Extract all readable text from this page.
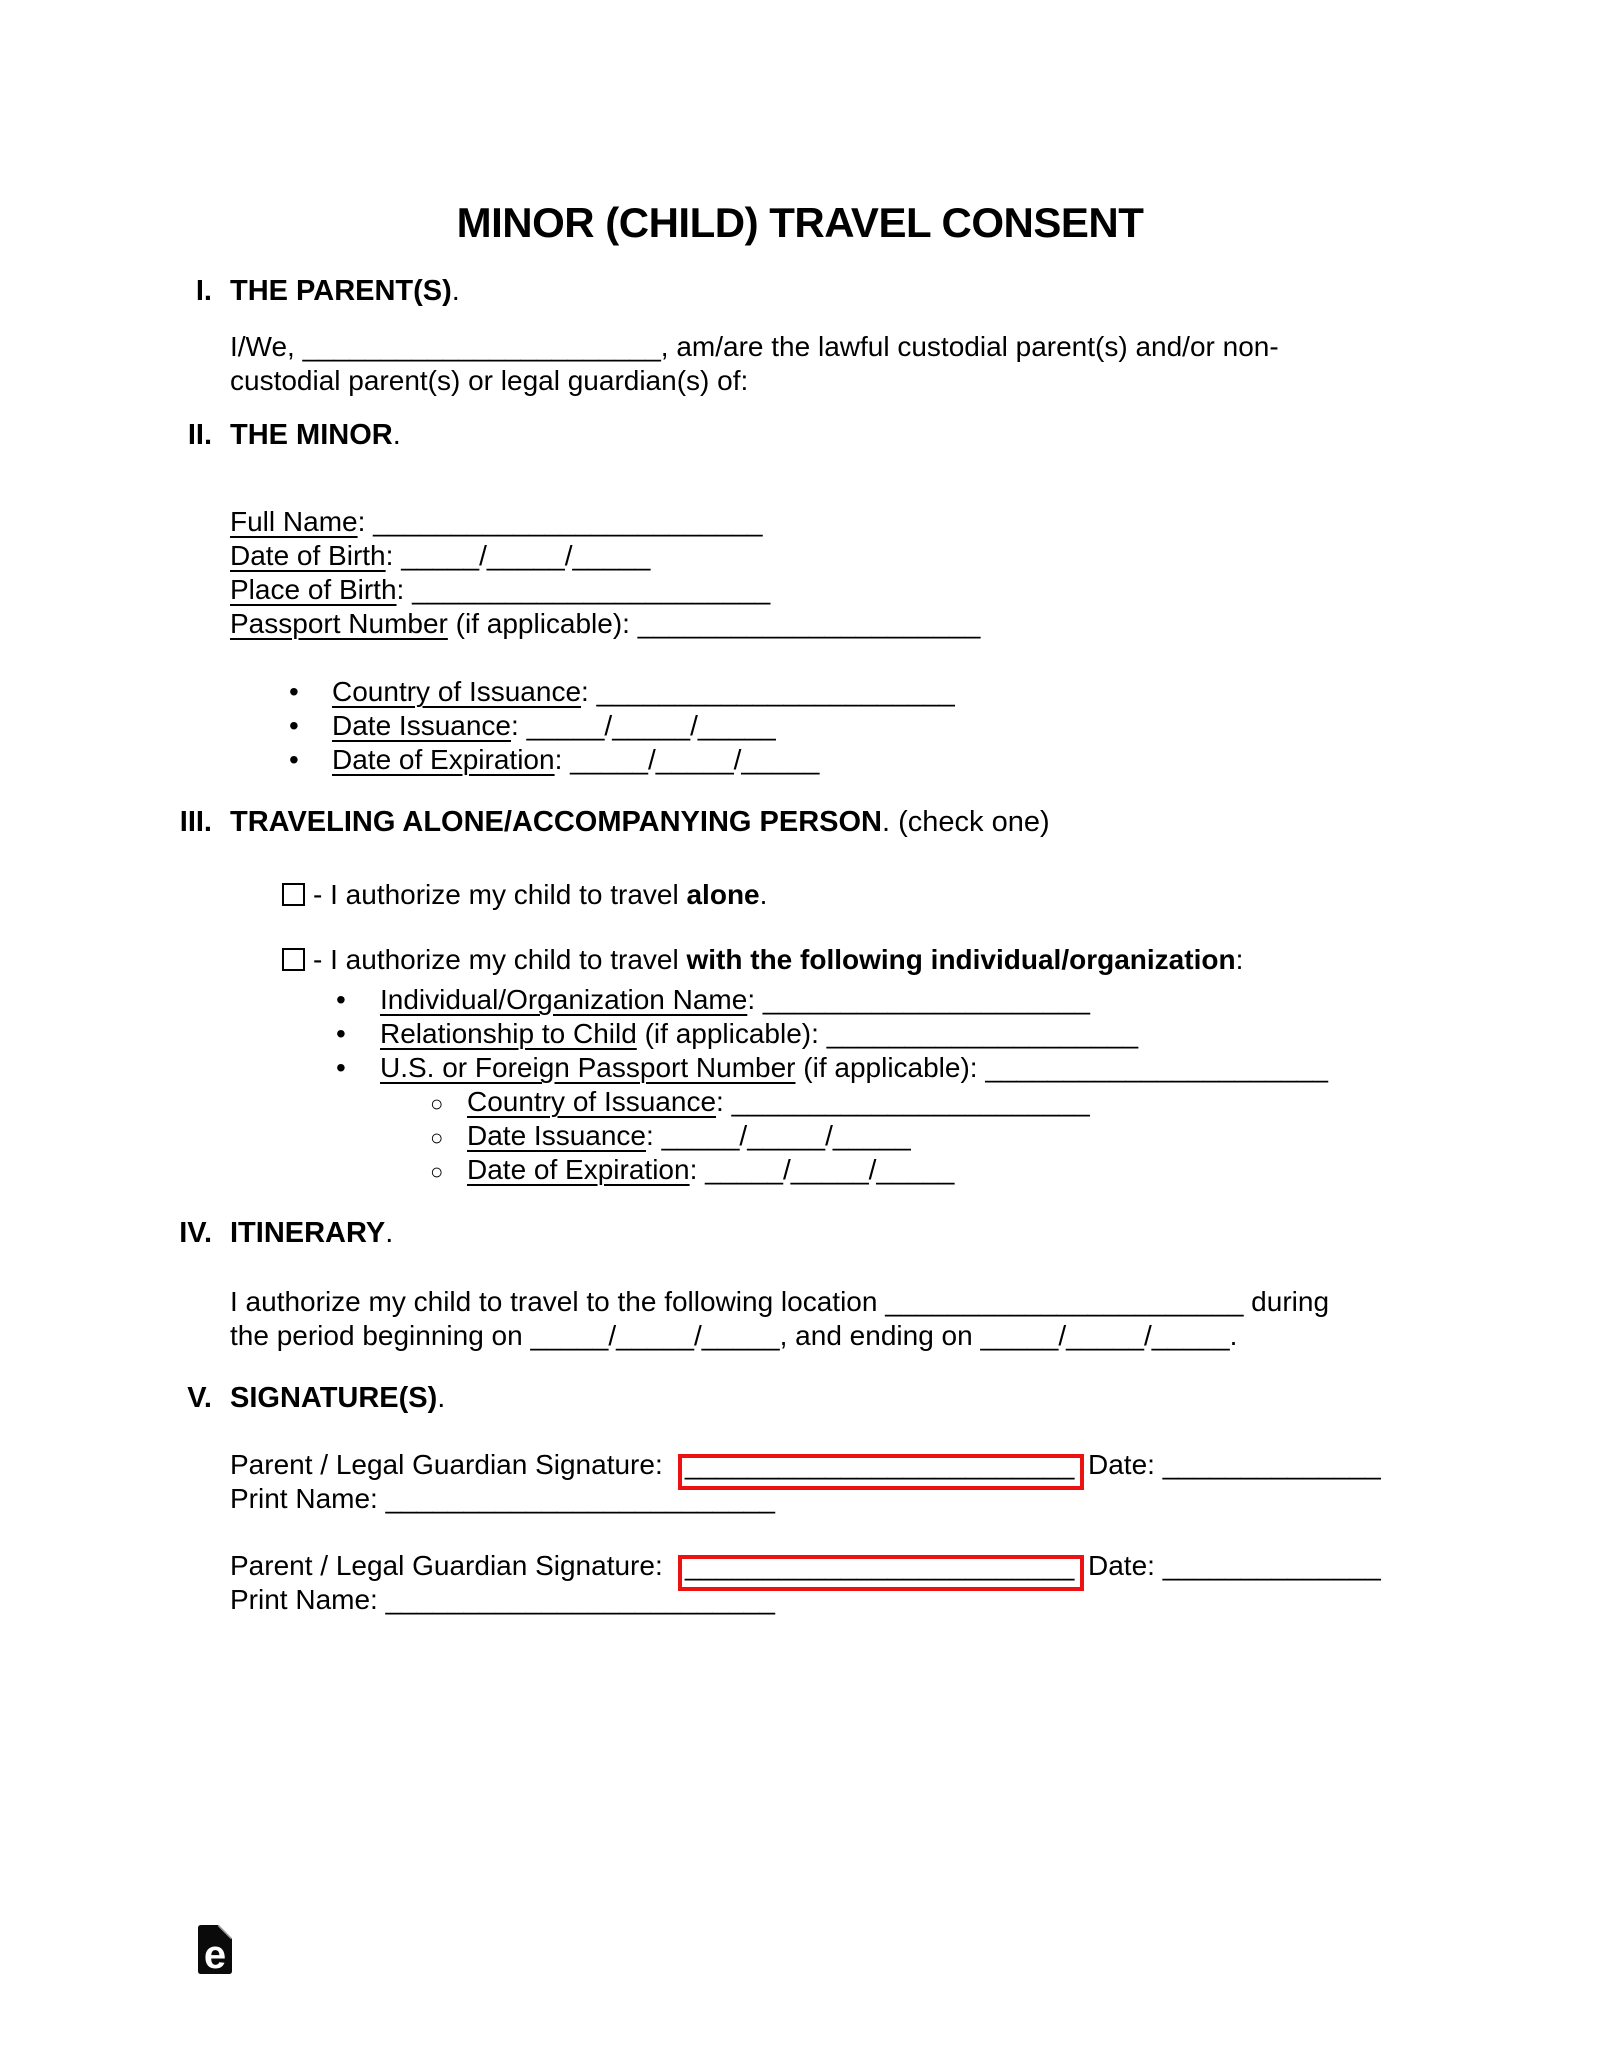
MINOR (CHILD) TRAVEL CONSENT
I. THE PARENT(S).
I/We, _______________________, am/are the lawful custodial parent(s) and/or non-
custodial parent(s) or legal guardian(s) of:
II. THE MINOR.
Full Name: _________________________
Date of Birth: _____/_____/_____
Place of Birth: _______________________
Passport Number (if applicable): ______________________
• Country of Issuance: _______________________
• Date Issuance: _____/_____/_____
• Date of Expiration: _____/_____/_____
III. TRAVELING ALONE/ACCOMPANYING PERSON. (check one)
- I authorize my child to travel alone.
- I authorize my child to travel with the following individual/organization:
• Individual/Organization Name: _____________________
• Relationship to Child (if applicable): ____________________
• U.S. or Foreign Passport Number (if applicable): ______________________
○ Country of Issuance: _______________________
○ Date Issuance: _____/_____/_____
○ Date of Expiration: _____/_____/_____
IV. ITINERARY.
I authorize my child to travel to the following location _______________________ during
the period beginning on _____/_____/_____, and ending on _____/_____/_____.
V. SIGNATURE(S).
Parent / Legal Guardian Signature: _________________________ Date: ______________
Print Name: _________________________
Parent / Legal Guardian Signature: _________________________ Date: ______________
Print Name: _________________________
e
